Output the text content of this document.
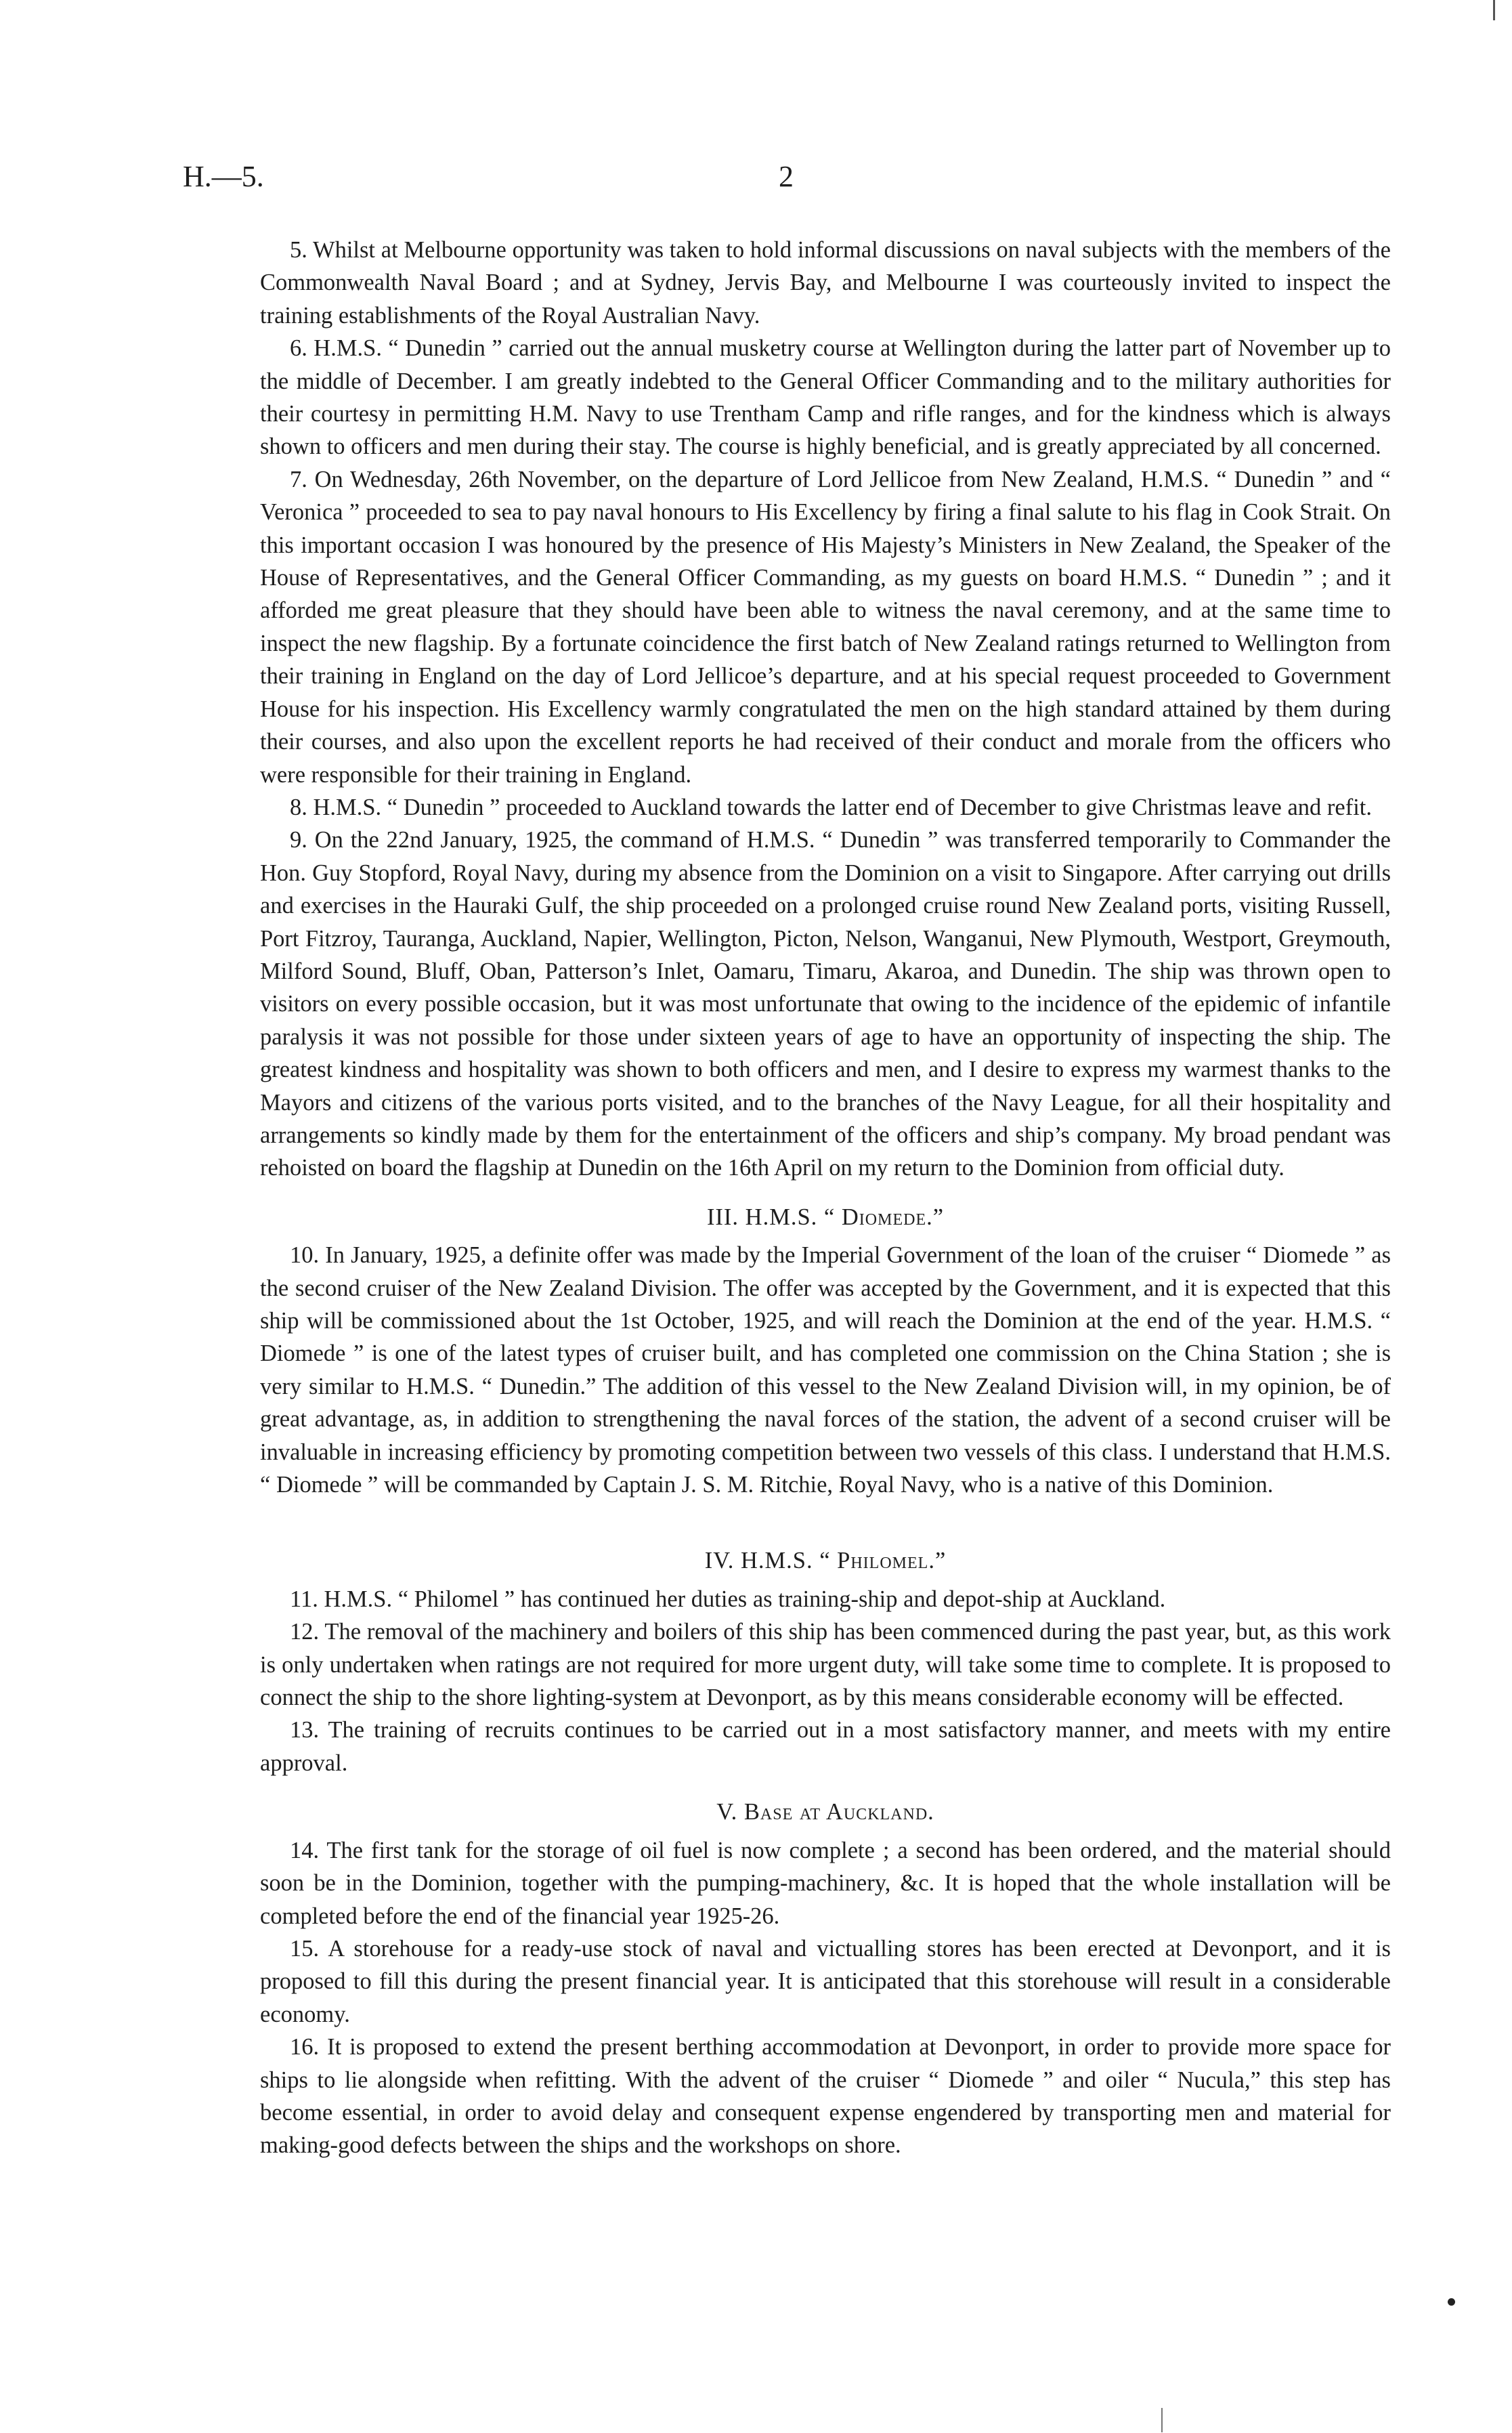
H.—5.	2

5. Whilst at Melbourne opportunity was taken to hold informal discussions on naval subjects with the members of the Commonwealth Naval Board ; and at Sydney, Jervis Bay, and Melbourne I was courteously invited to inspect the training establishments of the Royal Australian Navy.

6. H.M.S. “ Dunedin ” carried out the annual musketry course at Wellington during the latter part of November up to the middle of December. I am greatly indebted to the General Officer Commanding and to the military authorities for their courtesy in permitting H.M. Navy to use Trentham Camp and rifle ranges, and for the kindness which is always shown to officers and men during their stay. The course is highly beneficial, and is greatly appreciated by all concerned.

7. On Wednesday, 26th November, on the departure of Lord Jellicoe from New Zealand, H.M.S. “ Dunedin ” and “ Veronica ” proceeded to sea to pay naval honours to His Excellency by firing a final salute to his flag in Cook Strait. On this important occasion I was honoured by the presence of His Majesty’s Ministers in New Zealand, the Speaker of the House of Representatives, and the General Officer Commanding, as my guests on board H.M.S. “ Dunedin ” ; and it afforded me great pleasure that they should have been able to witness the naval ceremony, and at the same time to inspect the new flagship. By a fortunate coincidence the first batch of New Zealand ratings returned to Wellington from their training in England on the day of Lord Jellicoe’s departure, and at his special request proceeded to Government House for his inspection. His Excellency warmly congratulated the men on the high standard attained by them during their courses, and also upon the excellent reports he had received of their conduct and morale from the officers who were responsible for their training in England.

8. H.M.S. “ Dunedin ” proceeded to Auckland towards the latter end of December to give Christmas leave and refit.

9. On the 22nd January, 1925, the command of H.M.S. “ Dunedin ” was transferred temporarily to Commander the Hon. Guy Stopford, Royal Navy, during my absence from the Dominion on a visit to Singapore. After carrying out drills and exercises in the Hauraki Gulf, the ship proceeded on a prolonged cruise round New Zealand ports, visiting Russell, Port Fitzroy, Tauranga, Auckland, Napier, Wellington, Picton, Nelson, Wanganui, New Plymouth, Westport, Greymouth, Milford Sound, Bluff, Oban, Patterson’s Inlet, Oamaru, Timaru, Akaroa, and Dunedin. The ship was thrown open to visitors on every possible occasion, but it was most unfortunate that owing to the incidence of the epidemic of infantile paralysis it was not possible for those under sixteen years of age to have an opportunity of inspecting the ship. The greatest kindness and hospitality was shown to both officers and men, and I desire to express my warmest thanks to the Mayors and citizens of the various ports visited, and to the branches of the Navy League, for all their hospitality and arrangements so kindly made by them for the entertainment of the officers and ship’s company. My broad pendant was rehoisted on board the flagship at Dunedin on the 16th April on my return to the Dominion from official duty.

III. H.M.S. “ Diomede.”

10. In January, 1925, a definite offer was made by the Imperial Government of the loan of the cruiser “ Diomede ” as the second cruiser of the New Zealand Division. The offer was accepted by the Government, and it is expected that this ship will be commissioned about the 1st October, 1925, and will reach the Dominion at the end of the year. H.M.S. “ Diomede ” is one of the latest types of cruiser built, and has completed one commission on the China Station ; she is very similar to H.M.S. “ Dunedin.” The addition of this vessel to the New Zealand Division will, in my opinion, be of great advantage, as, in addition to strengthening the naval forces of the station, the advent of a second cruiser will be invaluable in increasing efficiency by promoting competition between two vessels of this class. I understand that H.M.S. “ Diomede ” will be commanded by Captain J. S. M. Ritchie, Royal Navy, who is a native of this Dominion.

IV. H.M.S. “ Philomel.”

11. H.M.S. “ Philomel ” has continued her duties as training-ship and depot-ship at Auckland.

12. The removal of the machinery and boilers of this ship has been commenced during the past year, but, as this work is only undertaken when ratings are not required for more urgent duty, will take some time to complete. It is proposed to connect the ship to the shore lighting-system at Devonport, as by this means considerable economy will be effected.

13. The training of recruits continues to be carried out in a most satisfactory manner, and meets with my entire approval.

V. Base at Auckland.

14. The first tank for the storage of oil fuel is now complete ; a second has been ordered, and the material should soon be in the Dominion, together with the pumping-machinery, &c. It is hoped that the whole installation will be completed before the end of the financial year 1925-26.

15. A storehouse for a ready-use stock of naval and victualling stores has been erected at Devonport, and it is proposed to fill this during the present financial year. It is anticipated that this storehouse will result in a considerable economy.

16. It is proposed to extend the present berthing accommodation at Devonport, in order to provide more space for ships to lie alongside when refitting. With the advent of the cruiser “ Diomede ” and oiler “ Nucula,” this step has become essential, in order to avoid delay and consequent expense engendered by transporting men and material for making-good defects between the ships and the workshops on shore.
